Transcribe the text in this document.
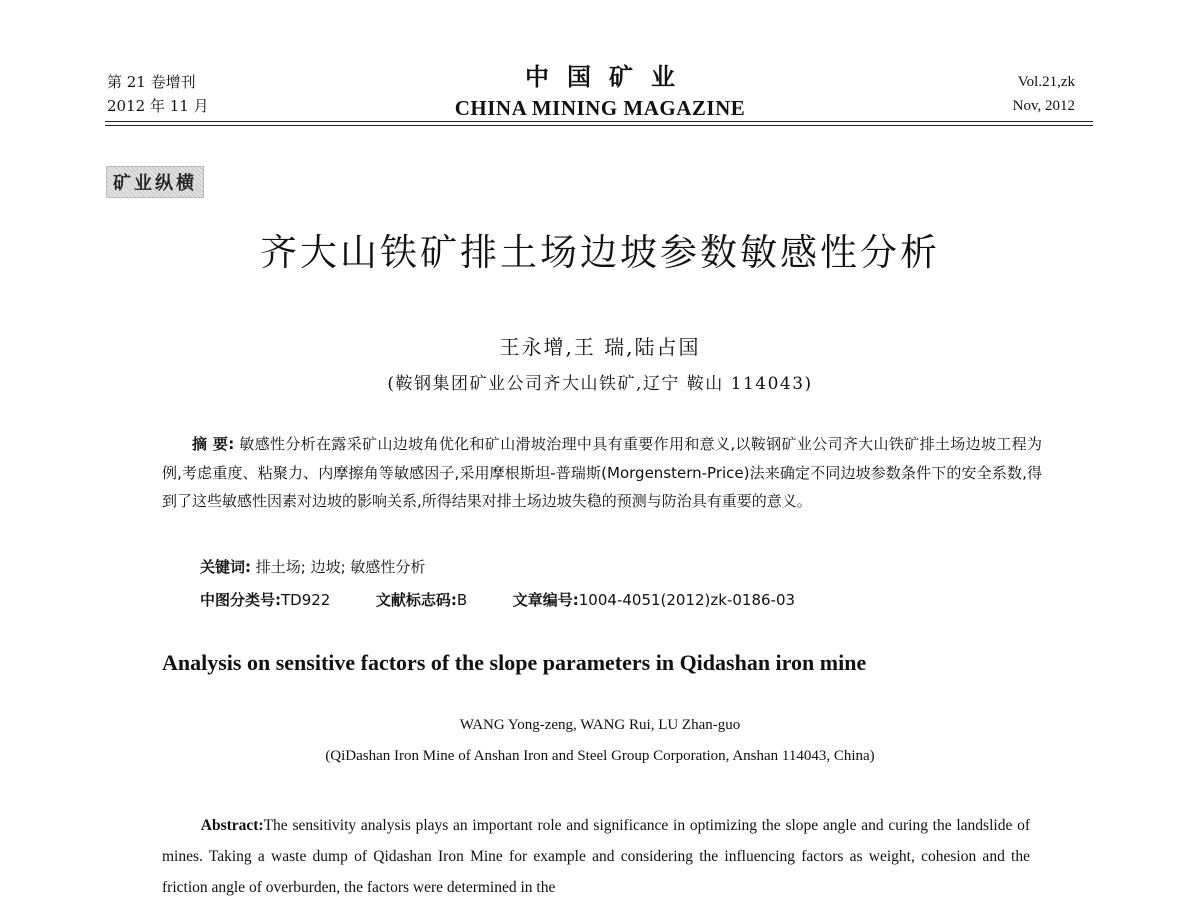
第 21 卷增刊
2012 年 11 月
中国矿业
CHINA MINING MAGAZINE
Vol.21,zk
Nov, 2012
矿业纵横
齐大山铁矿排土场边坡参数敏感性分析
王永增,王 瑞,陆占国
(鞍钢集团矿业公司齐大山铁矿,辽宁 鞍山 114043)
摘 要: 敏感性分析在露采矿山边坡角优化和矿山滑坡治理中具有重要作用和意义,以鞍钢矿业公司齐大山铁矿排土场边坡工程为例,考虑重度、粘聚力、内摩擦角等敏感因子,采用摩根斯坦-普瑞斯(Morgenstern-Price)法来确定不同边坡参数条件下的安全系数,得到了这些敏感性因素对边坡的影响关系,所得结果对排土场边坡失稳的预测与防治具有重要的意义。
关键词: 排土场; 边坡; 敏感性分析
中图分类号:TD922	文献标志码:B	文章编号:1004-4051(2012)zk-0186-03
Analysis on sensitive factors of the slope parameters in Qidashan iron mine
WANG Yong-zeng, WANG Rui, LU Zhan-guo
(QiDashan Iron Mine of Anshan Iron and Steel Group Corporation, Anshan 114043, China)
Abstract:The sensitivity analysis plays an important role and significance in optimizing the slope angle and curing the landslide of mines. Taking a waste dump of Qidashan Iron Mine for example and considering the influencing factors as weight, cohesion and the friction angle of overburden, the factors were determined in the
